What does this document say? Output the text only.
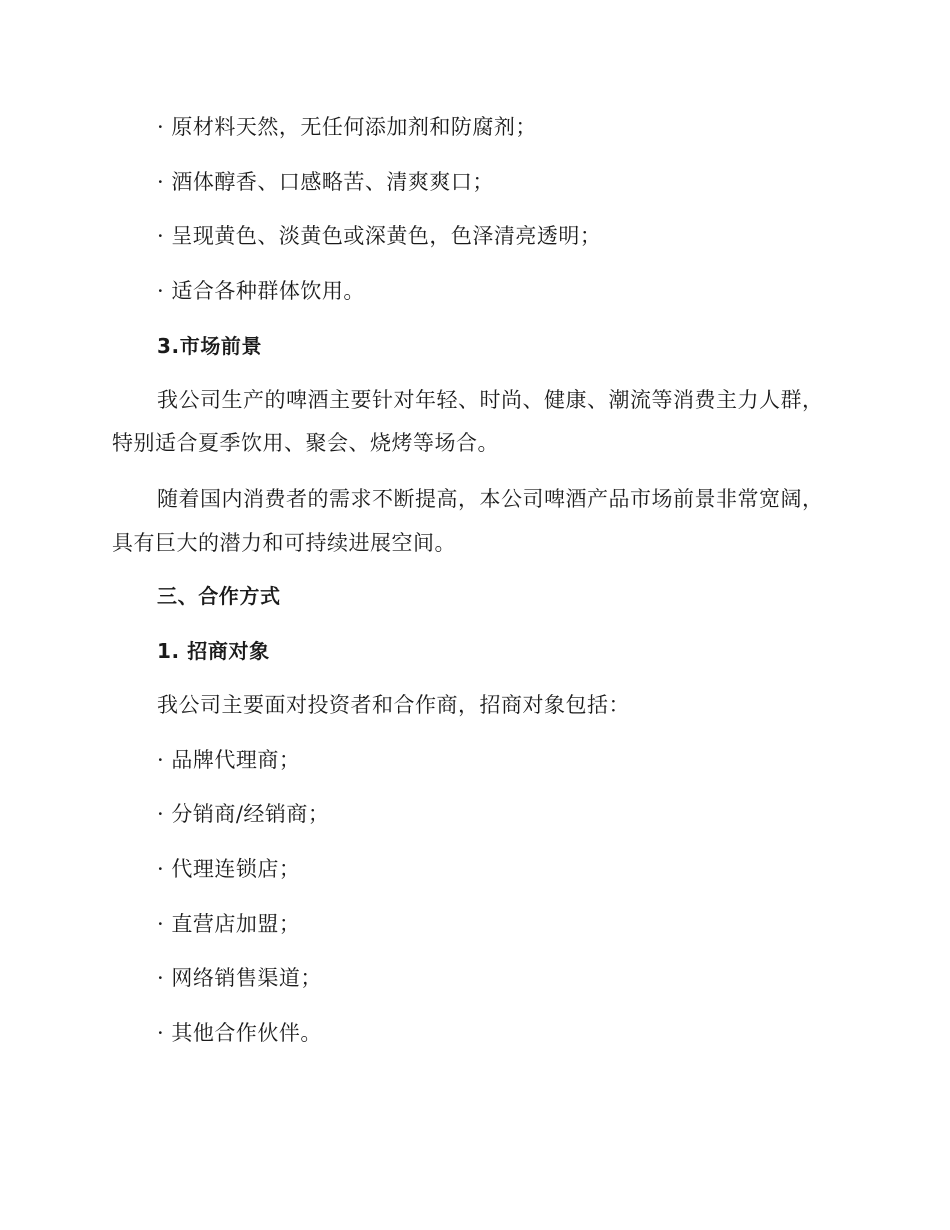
· 原材料天然，无任何添加剂和防腐剂；
· 酒体醇香、口感略苦、清爽爽口；
· 呈现黄色、淡黄色或深黄色，色泽清亮透明；
· 适合各种群体饮用。
3.市场前景
我公司生产的啤酒主要针对年轻、时尚、健康、潮流等消费主力人群，
特别适合夏季饮用、聚会、烧烤等场合。
随着国内消费者的需求不断提高，本公司啤酒产品市场前景非常宽阔，
具有巨大的潜力和可持续进展空间。
三、合作方式
1. 招商对象
我公司主要面对投资者和合作商，招商对象包括：
· 品牌代理商；
· 分销商/经销商；
· 代理连锁店；
· 直营店加盟；
· 网络销售渠道；
· 其他合作伙伴。
